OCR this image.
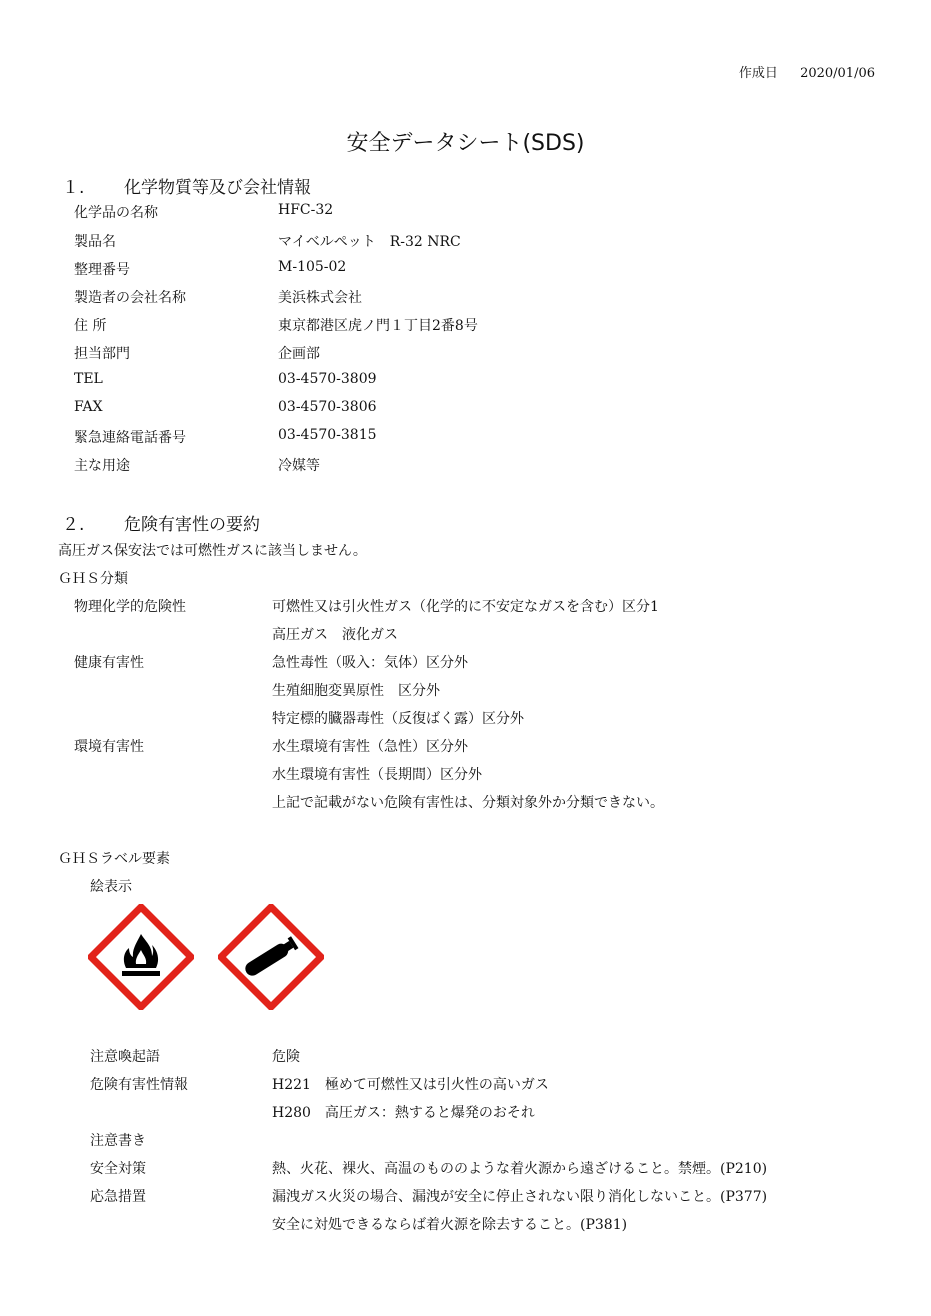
作成日 2020/01/06
安全データシート(SDS)
１. 化学物質等及び会社情報
化学品の名称	HFC-32
製品名	マイベルペット　R-32 NRC
整理番号	M-105-02
製造者の会社名称	美浜株式会社
住 所	東京都港区虎ノ門１丁目2番8号
担当部門	企画部
TEL	03-4570-3809
FAX	03-4570-3806
緊急連絡電話番号	03-4570-3815
主な用途	冷媒等
２. 危険有害性の要約
高圧ガス保安法では可燃性ガスに該当しません。
ＧＨＳ分類
物理化学的危険性	可燃性又は引火性ガス（化学的に不安定なガスを含む）区分1
高圧ガス　液化ガス
健康有害性	急性毒性（吸入：気体）区分外
生殖細胞変異原性　区分外
特定標的臓器毒性（反復ばく露）区分外
環境有害性	水生環境有害性（急性）区分外
水生環境有害性（長期間）区分外
上記で記載がない危険有害性は、分類対象外か分類できない。
ＧＨＳラベル要素
絵表示
注意喚起語	危険
危険有害性情報	H221　極めて可燃性又は引火性の高いガス
H280　高圧ガス：熱すると爆発のおそれ
注意書き
安全対策	熱、火花、裸火、高温のもののような着火源から遠ざけること。禁煙。(P210)
応急措置	漏洩ガス火災の場合、漏洩が安全に停止されない限り消化しないこと。(P377)
安全に対処できるならば着火源を除去すること。(P381)
